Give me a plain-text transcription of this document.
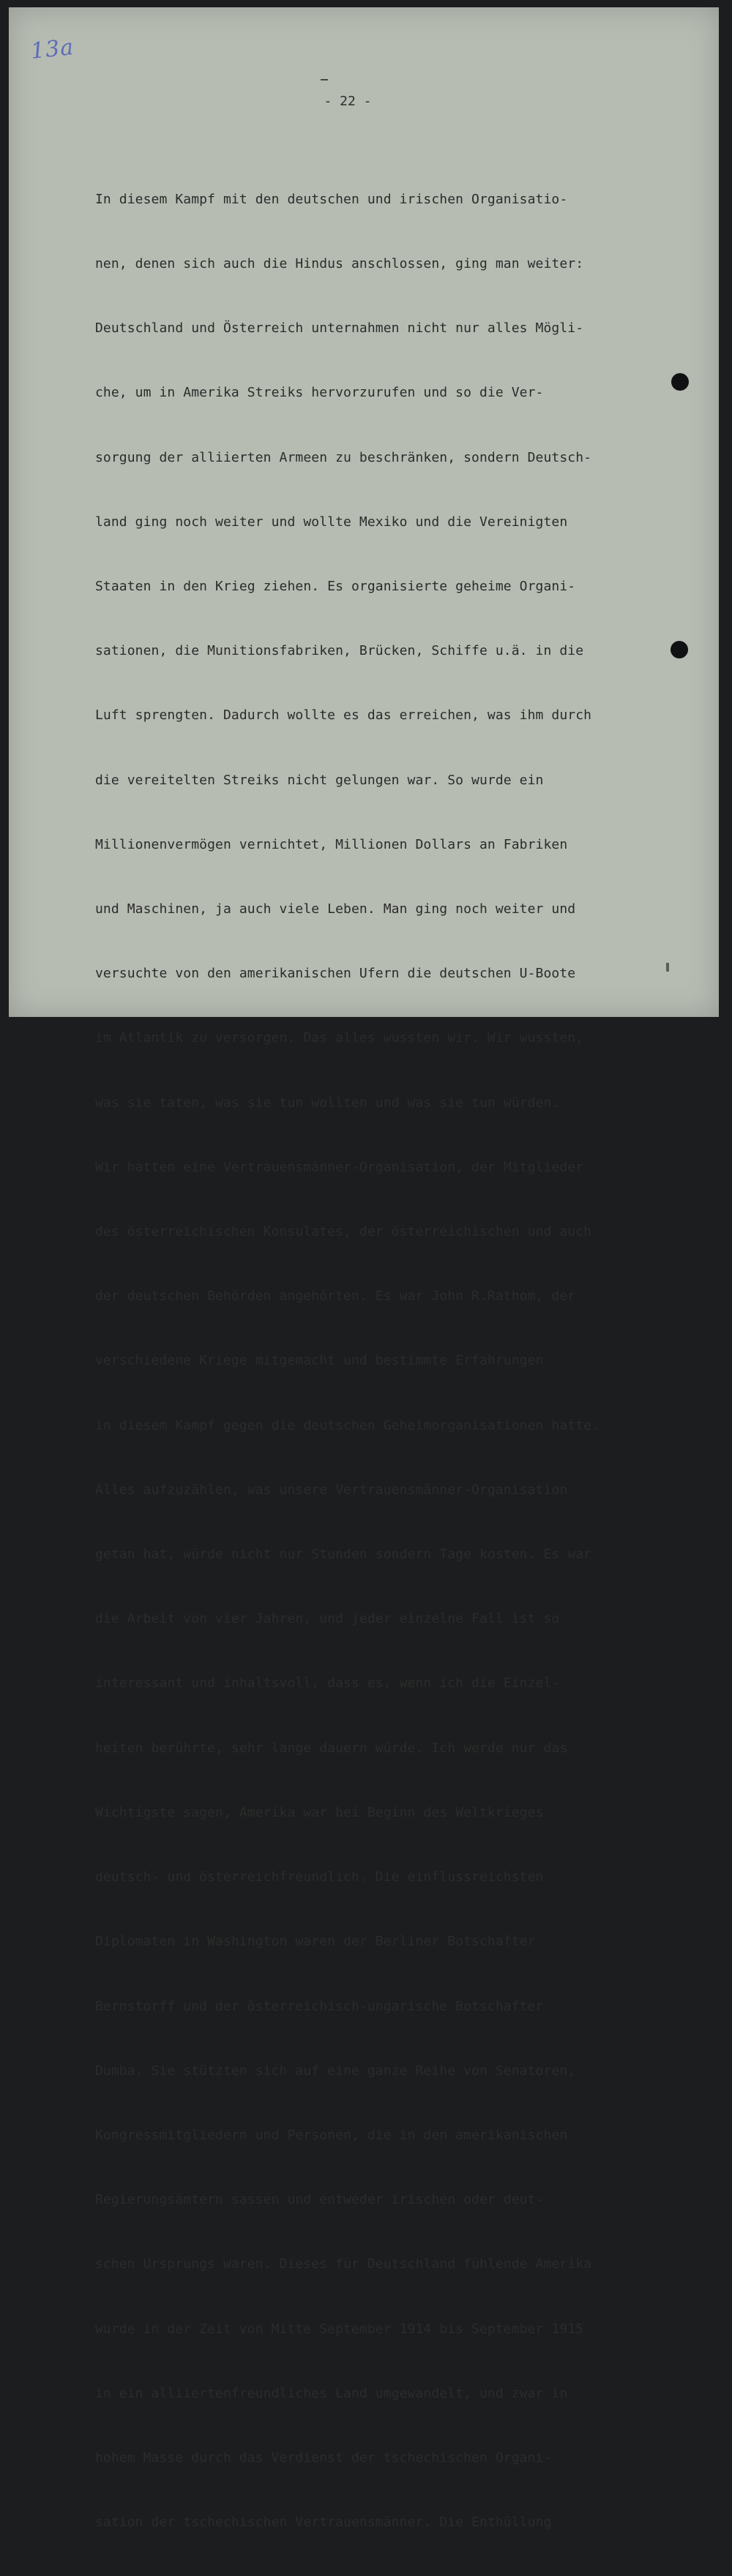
13a
- 22 -

In diesem Kampf mit den deutschen und irischen Organisatio-

nen, denen sich auch die Hindus anschlossen, ging man weiter:

Deutschland und Österreich unternahmen nicht nur alles Mögli-

che, um in Amerika Streiks hervorzurufen und so die Ver-

sorgung der alliierten Armeen zu beschränken, sondern Deutsch-

land ging noch weiter und wollte Mexiko und die Vereinigten

Staaten in den Krieg ziehen. Es organisierte geheime Organi-

sationen, die Munitionsfabriken, Brücken, Schiffe u.ä. in die

Luft sprengten. Dadurch wollte es das erreichen, was ihm durch

die vereitelten Streiks nicht gelungen war. So wurde ein

Millionenvermögen vernichtet, Millionen Dollars an Fabriken

und Maschinen, ja auch viele Leben. Man ging noch weiter und

versuchte von den amerikanischen Ufern die deutschen U-Boote

im Atlantik zu versorgen. Das alles wussten wir. Wir wussten,

was sie taten, was sie tun wollten und was sie tun würden.

Wir hatten eine Vertrauensmänner-Organisation, der Mitglieder

des österreichischen Konsulates, der österreichischen und auch

der deutschen Behörden angehörten. Es war John R.Rathom, der

verschiedene Kriege mitgemacht und bestimmte Erfahrungen

in diesem Kampf gegen die deutschen Geheimorganisationen hatte.

Alles aufzuzählen, was unsere Vertrauensmänner-Organisation

getan hat, würde nicht nur Stunden sondern Tage kosten. Es war

die Arbeit von vier Jahren, und jeder einzelne Fall ist so

interessant und inhaltsvoll, dass es, wenn ich die Einzel-

heiten berührte, sehr lange dauern würde. Ich werde nur das

Wichtigste sagen, Amerika war bei Beginn des Weltkrieges

deutsch- und österreichfreundlich. Die einflussreichsten

Diplomaten in Washington waren der Berliner Botschafter

Bernstorff und der österreichisch-ungarische Botschafter

Dumba. Sie stützten sich auf eine ganze Reihe von Senatoren,

Kongressmitgliedern und Personen, die in den amerikanischen

Regierungsämtern sassen und entweder irischen oder deut-

schen Ursprungs waren. Dieses für Deutschland fühlende Amerika

wurde in der Zeit von Mitte September 1914 bis September 1915

in ein alliiertenfreundliches Land umgewandelt, und zwar in

hohem Masse durch das Verdienst der tschechischen Organi-

sation der tschechischen Vertrauensmänner. Die Enthüllung
